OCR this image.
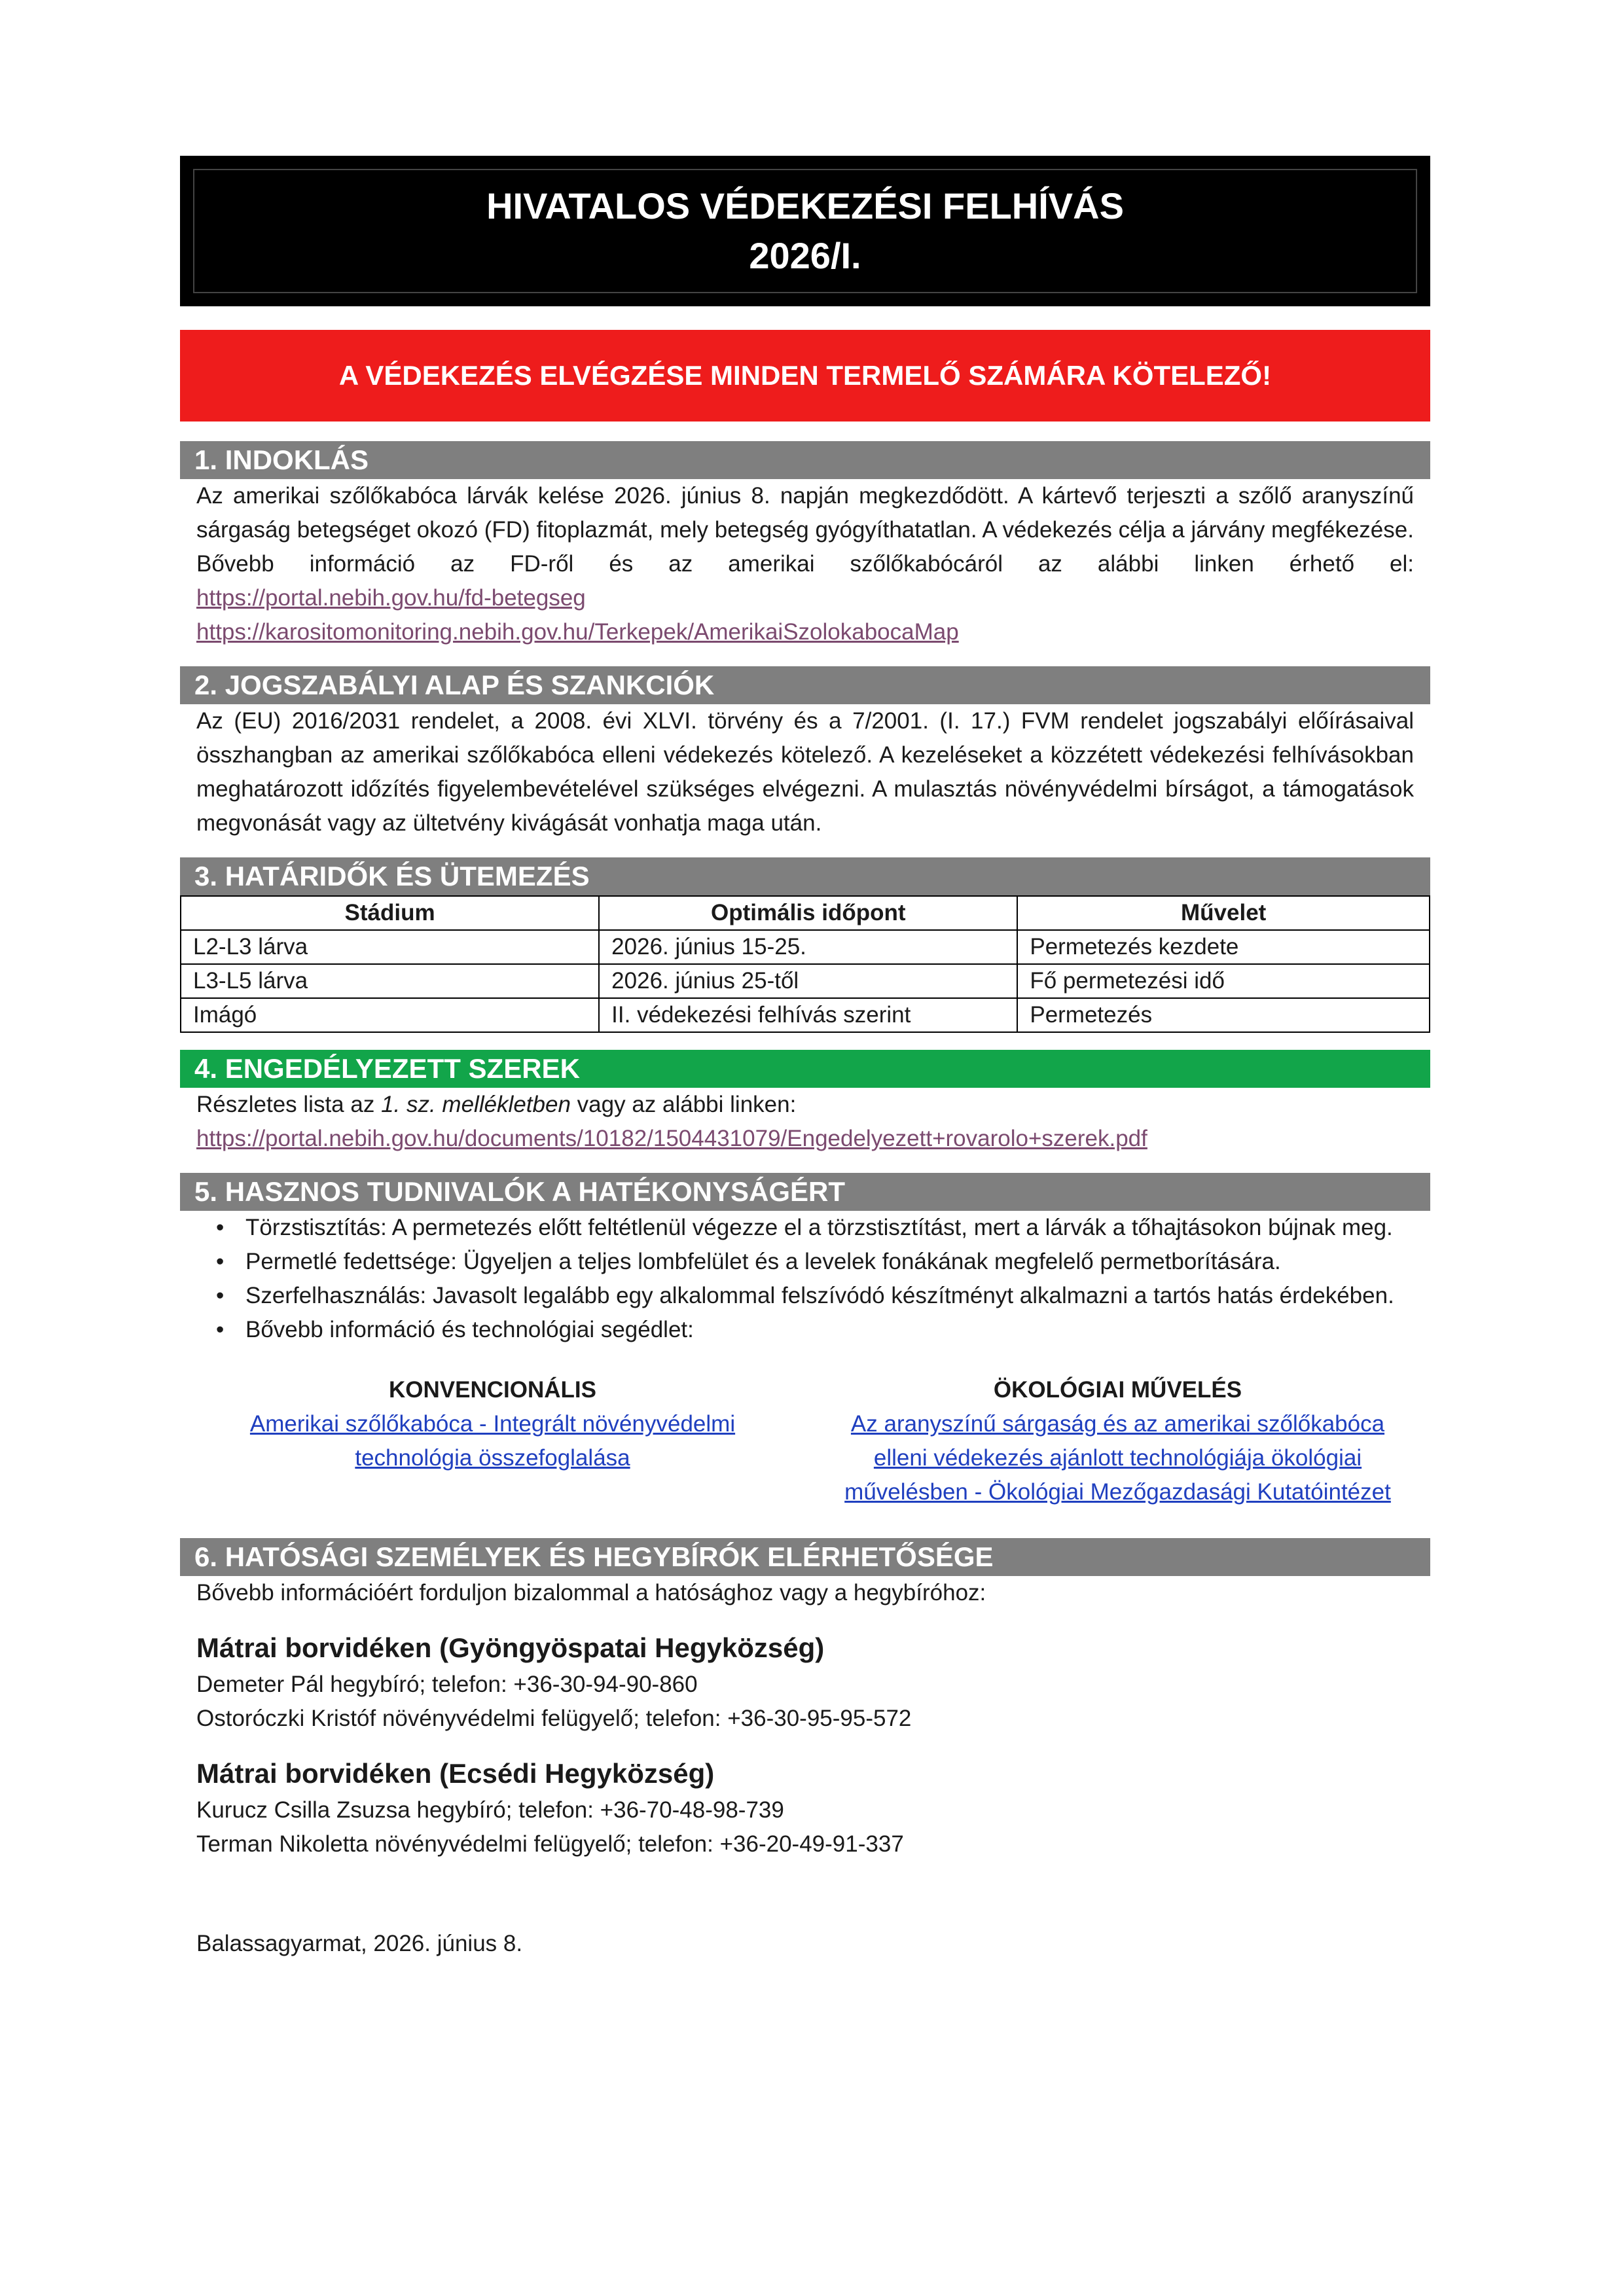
HIVATALOS VÉDEKEZÉSI FELHÍVÁS
2026/I.
A VÉDEKEZÉS ELVÉGZÉSE MINDEN TERMELŐ SZÁMÁRA KÖTELEZŐ!
1. INDOKLÁS
Az amerikai szőlőkabóca lárvák kelése 2026. június 8. napján megkezdődött. A kártevő terjeszti a szőlő aranyszínű sárgaság betegséget okozó (FD) fitoplazmát, mely betegség gyógyíthatatlan. A védekezés célja a járvány megfékezése.
Bővebb információ az FD-ről és az amerikai szőlőkabócáról az alábbi linken érhető el:
https://portal.nebih.gov.hu/fd-betegseg
https://karositomonitoring.nebih.gov.hu/Terkepek/AmerikaiSzolokabocaMap
2. JOGSZABÁLYI ALAP ÉS SZANKCIÓK
Az (EU) 2016/2031 rendelet, a 2008. évi XLVI. törvény és a 7/2001. (I. 17.) FVM rendelet jogszabályi előírásaival összhangban az amerikai szőlőkabóca elleni védekezés kötelező. A kezeléseket a közzétett védekezési felhívásokban meghatározott időzítés figyelembevételével szükséges elvégezni. A mulasztás növényvédelmi bírságot, a támogatások megvonását vagy az ültetvény kivágását vonhatja maga után.
3. HATÁRIDŐK ÉS ÜTEMEZÉS
Stádium	Optimális időpont	Művelet
L2-L3 lárva	2026. június 15-25.	Permetezés kezdete
L3-L5 lárva	2026. június 25-től	Fő permetezési idő
Imágó	II. védekezési felhívás szerint	Permetezés
4. ENGEDÉLYEZETT SZEREK
Részletes lista az 1. sz. mellékletben vagy az alábbi linken:
https://portal.nebih.gov.hu/documents/10182/1504431079/Engedelyezett+rovarolo+szerek.pdf
5. HASZNOS TUDNIVALÓK A HATÉKONYSÁGÉRT
• Törzstisztítás: A permetezés előtt feltétlenül végezze el a törzstisztítást, mert a lárvák a tőhajtásokon bújnak meg.
• Permetlé fedettsége: Ügyeljen a teljes lombfelület és a levelek fonákának megfelelő permetborítására.
• Szerfelhasználás: Javasolt legalább egy alkalommal felszívódó készítményt alkalmazni a tartós hatás érdekében.
• Bővebb információ és technológiai segédlet:
KONVENCIONÁLIS
Amerikai szőlőkabóca - Integrált növényvédelmi
technológia összefoglalása
ÖKOLÓGIAI MŰVELÉS
Az aranyszínű sárgaság és az amerikai szőlőkabóca
elleni védekezés ajánlott technológiája ökológiai
művelésben - Ökológiai Mezőgazdasági Kutatóintézet
6. HATÓSÁGI SZEMÉLYEK ÉS HEGYBÍRÓK ELÉRHETŐSÉGE
Bővebb információért forduljon bizalommal a hatósághoz vagy a hegybíróhoz:
Mátrai borvidéken (Gyöngyöspatai Hegyközség)
Demeter Pál hegybíró; telefon: +36-30-94-90-860
Ostoróczki Kristóf növényvédelmi felügyelő; telefon: +36-30-95-95-572
Mátrai borvidéken (Ecsédi Hegyközség)
Kurucz Csilla Zsuzsa hegybíró; telefon: +36-70-48-98-739
Terman Nikoletta növényvédelmi felügyelő; telefon: +36-20-49-91-337
Balassagyarmat, 2026. június 8.
